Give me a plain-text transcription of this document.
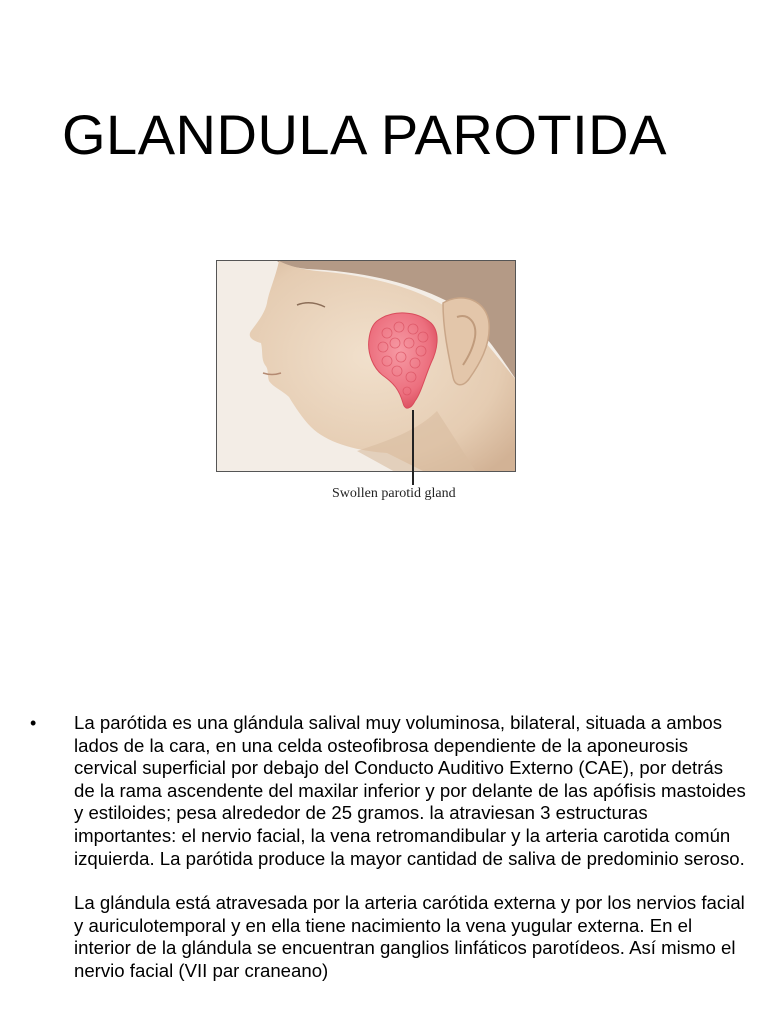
GLANDULA PAROTIDA
Swollen parotid gland
•	La parótida es una glándula salival muy voluminosa, bilateral, situada a ambos lados de la cara, en una celda osteofibrosa dependiente de la aponeurosis cervical superficial por debajo del Conducto Auditivo Externo (CAE), por detrás de la rama ascendente del maxilar inferior y por delante de las apófisis mastoides y estiloides; pesa alrededor de 25 gramos. la atraviesan 3 estructuras importantes: el nervio facial, la vena retromandibular y la arteria carotida común izquierda. La parótida produce la mayor cantidad de saliva de predominio seroso.

La glándula está atravesada por la arteria carótida externa y por los nervios facial y auriculotemporal y en ella tiene nacimiento la vena yugular externa. En el interior de la glándula se encuentran ganglios linfáticos parotídeos. Así mismo el nervio facial (VII par craneano)
